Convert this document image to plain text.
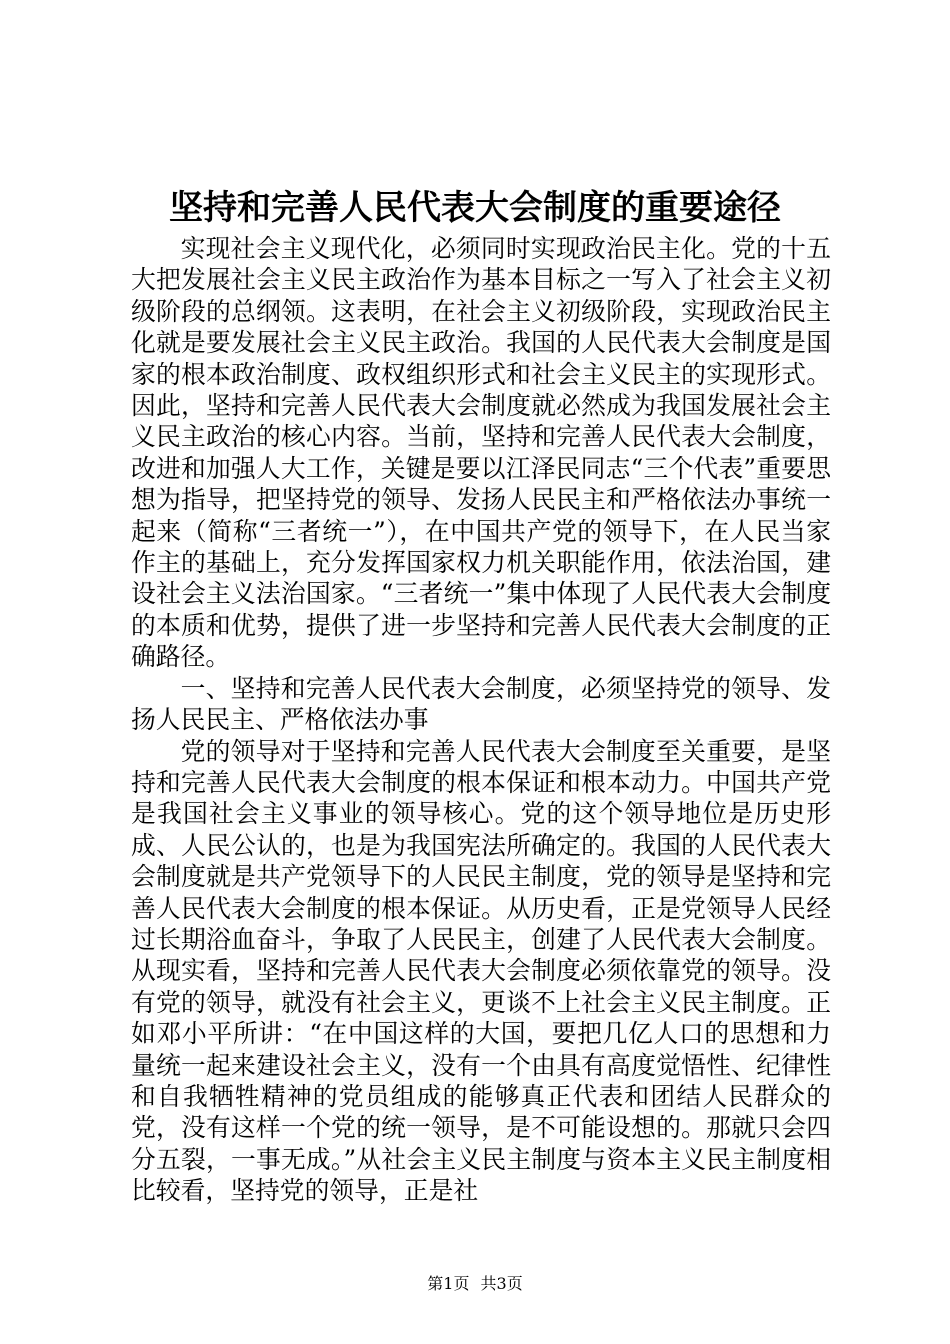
坚持和完善人民代表大会制度的重要途径

实现社会主义现代化，必须同时实现政治民主化。党的十五大把发展社会主义民主政治作为基本目标之一写入了社会主义初级阶段的总纲领。这表明，在社会主义初级阶段，实现政治民主化就是要发展社会主义民主政治。我国的人民代表大会制度是国家的根本政治制度、政权组织形式和社会主义民主的实现形式。因此，坚持和完善人民代表大会制度就必然成为我国发展社会主义民主政治的核心内容。当前，坚持和完善人民代表大会制度，改进和加强人大工作，关键是要以江泽民同志“三个代表”重要思想为指导，把坚持党的领导、发扬人民民主和严格依法办事统一起来（简称“三者统一”），在中国共产党的领导下，在人民当家作主的基础上，充分发挥国家权力机关职能作用，依法治国，建设社会主义法治国家。“三者统一”集中体现了人民代表大会制度的本质和优势，提供了进一步坚持和完善人民代表大会制度的正确路径。

一、坚持和完善人民代表大会制度，必须坚持党的领导、发扬人民民主、严格依法办事

党的领导对于坚持和完善人民代表大会制度至关重要，是坚持和完善人民代表大会制度的根本保证和根本动力。中国共产党是我国社会主义事业的领导核心。党的这个领导地位是历史形成、人民公认的，也是为我国宪法所确定的。我国的人民代表大会制度就是共产党领导下的人民民主制度，党的领导是坚持和完善人民代表大会制度的根本保证。从历史看，正是党领导人民经过长期浴血奋斗，争取了人民民主，创建了人民代表大会制度。从现实看，坚持和完善人民代表大会制度必须依靠党的领导。没有党的领导，就没有社会主义，更谈不上社会主义民主制度。正如邓小平所讲：“在中国这样的大国，要把几亿人口的思想和力量统一起来建设社会主义，没有一个由具有高度觉悟性、纪律性和自我牺牲精神的党员组成的能够真正代表和团结人民群众的党，没有这样一个党的统一领导，是不可能设想的。那就只会四分五裂，一事无成。”从社会主义民主制度与资本主义民主制度相比较看，坚持党的领导，正是社

第1页 共3页
